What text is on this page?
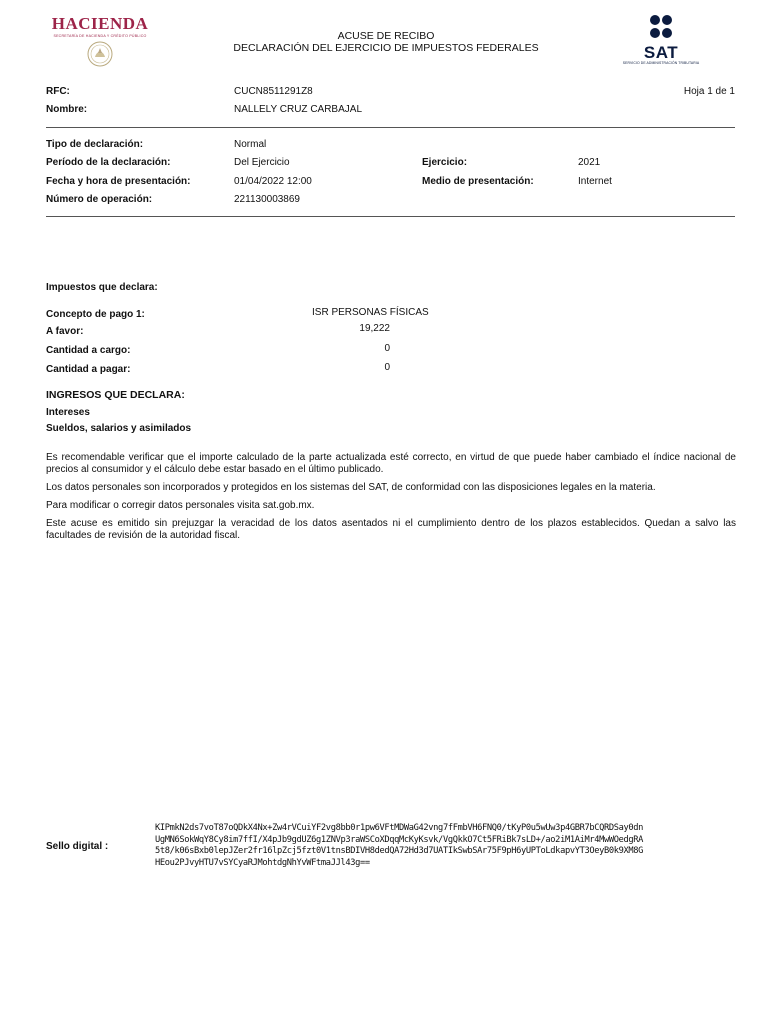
HACIENDA
SECRETARÍA DE HACIENDA Y CRÉDITO PÚBLICO	ACUSE DE RECIBO
DECLARACIÓN DEL EJERCICIO DE IMPUESTOS FEDERALES	SAT
SERVICIO DE ADMINISTRACIÓN TRIBUTARIA
RFC:	CUCN8511291Z8	Hoja 1 de 1
Nombre:	NALLELY CRUZ CARBAJAL
Tipo de declaración:	Normal
Período de la declaración:	Del Ejercicio	Ejercicio:	2021
Fecha y hora de presentación:	01/04/2022 12:00	Medio de presentación:	Internet
Número de operación:	221130003869
Impuestos que declara:
Concepto de pago 1:	ISR PERSONAS FÍSICAS
A favor:	19,222
Cantidad a cargo:	0
Cantidad a pagar:	0
INGRESOS QUE DECLARA:
Intereses
Sueldos, salarios y asimilados
Es recomendable verificar que el importe calculado de la parte actualizada esté correcto, en virtud de que puede haber cambiado el índice nacional de precios al consumidor y el cálculo debe estar basado en el último publicado.
Los datos personales son incorporados y protegidos en los sistemas del SAT, de conformidad con las disposiciones legales en la materia.
Para modificar o corregir datos personales visita sat.gob.mx.
Este acuse es emitido sin prejuzgar la veracidad de los datos asentados ni el cumplimiento dentro de los plazos establecidos. Quedan a salvo las facultades de revisión de la autoridad fiscal.
Sello digital :
KIPmkN2ds7voT87oQDkX4Nx+Zw4rVCuiYF2vg8bb0r1pw6VFtMDWaG42vng7fFmbVH6FNQ0/tKyP0u5wUw3p4GBR7bCQRDSay0dn
UgMN6SokWqY8Cy8im7ffI/X4pJb9gdUZ6g1ZNVp3raWSCoXDqqMcKyKsvk/VgQkkO7Ct5FRiBk7sLD+/ao2iM1AiMr4MwWOedgRA
5t8/k06sBxb0lepJZer2fr16lpZcj5fzt0V1tnsBDIVH8dedQA72Hd3d7UATIkSwbSAr75F9pH6yUPToLdkapvYT3OeyB0k9XM8G
HEou2PJvyHTU7vSYCyaRJMohtdgNhYvWFtmaJJl43g==
